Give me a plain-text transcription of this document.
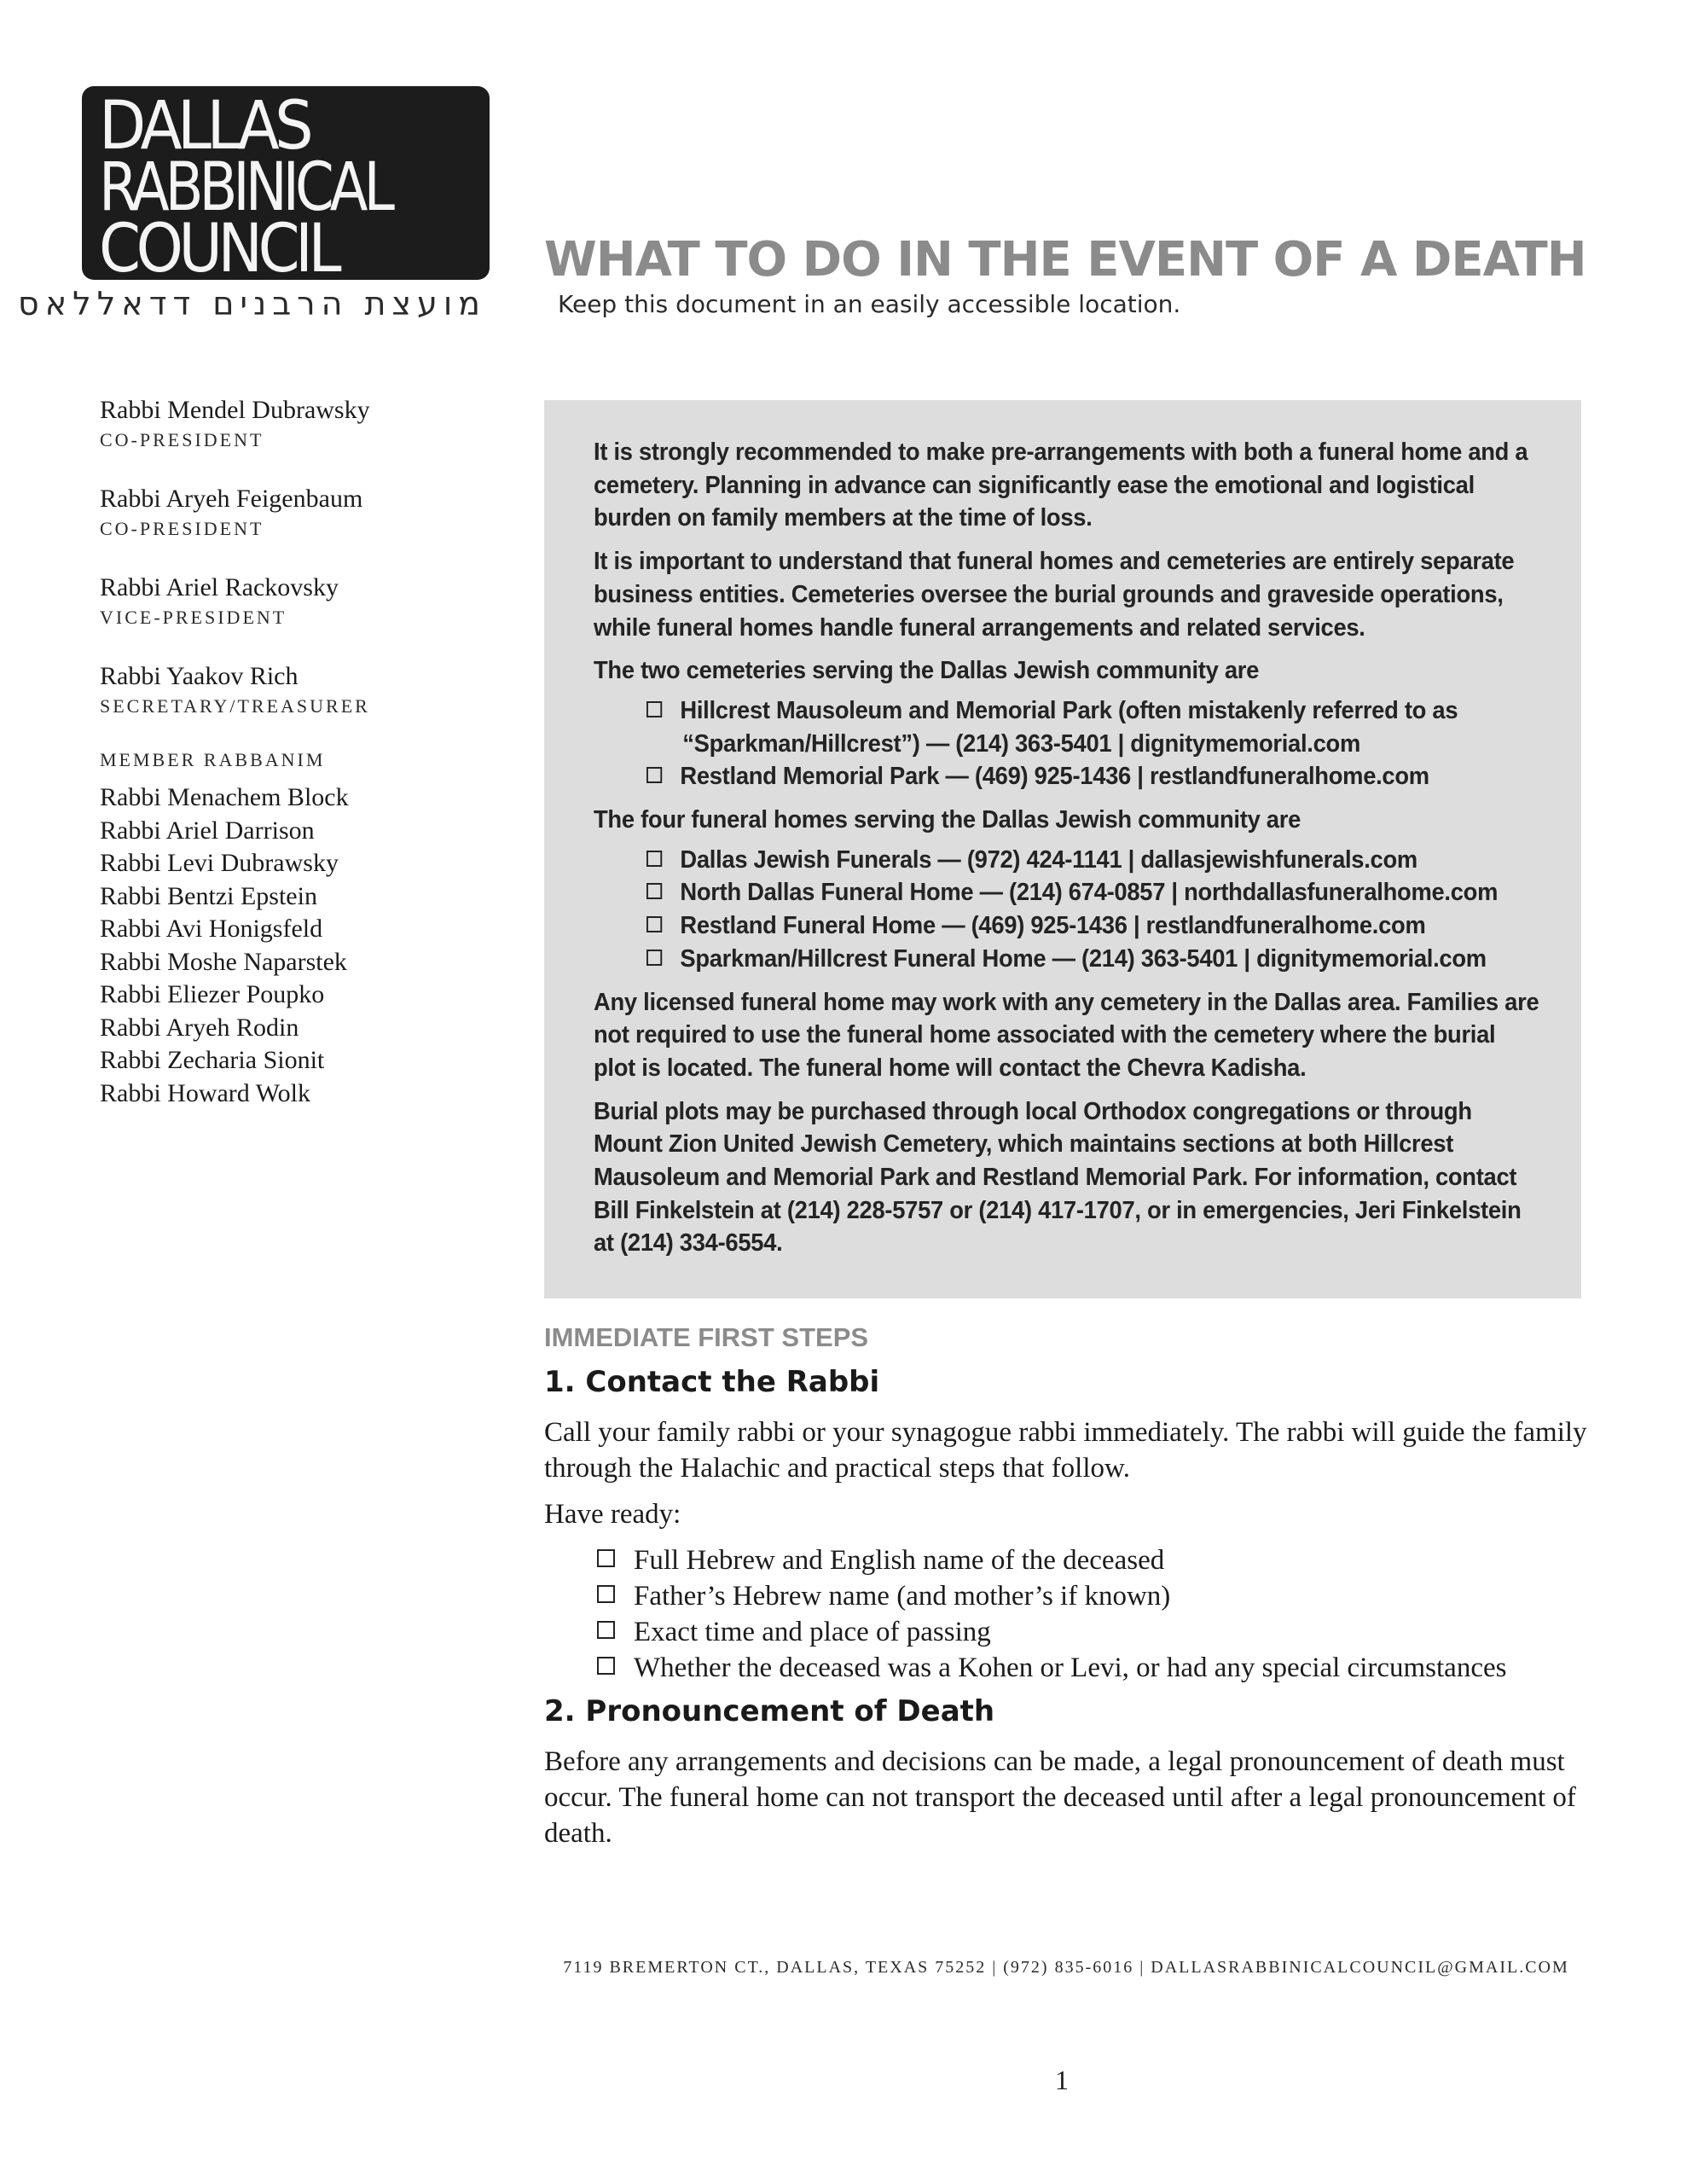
DALLAS
RABBINICAL
COUNCIL
מועצת הרבנים דדאללאס
WHAT TO DO IN THE EVENT OF A DEATH
Keep this document in an easily accessible location.
Rabbi Mendel Dubrawsky
CO-PRESIDENT
Rabbi Aryeh Feigenbaum
CO-PRESIDENT
Rabbi Ariel Rackovsky
VICE-PRESIDENT
Rabbi Yaakov Rich
SECRETARY/TREASURER
MEMBER RABBANIM
Rabbi Menachem Block
Rabbi Ariel Darrison
Rabbi Levi Dubrawsky
Rabbi Bentzi Epstein
Rabbi Avi Honigsfeld
Rabbi Moshe Naparstek
Rabbi Eliezer Poupko
Rabbi Aryeh Rodin
Rabbi Zecharia Sionit
Rabbi Howard Wolk

It is strongly recommended to make pre-arrangements with both a funeral home and a cemetery. Planning in advance can significantly ease the emotional and logistical burden on family members at the time of loss.

It is important to understand that funeral homes and cemeteries are entirely separate business entities. Cemeteries oversee the burial grounds and graveside operations, while funeral homes handle funeral arrangements and related services.

The two cemeteries serving the Dallas Jewish community are

Hillcrest Mausoleum and Memorial Park (often mistakenly referred to as
“Sparkman/Hillcrest”) — (214) 363-5401 | dignitymemorial.com
Restland Memorial Park — (469) 925-1436 | restlandfuneralhome.com

The four funeral homes serving the Dallas Jewish community are

Dallas Jewish Funerals — (972) 424-1141 | dallasjewishfunerals.com
North Dallas Funeral Home — (214) 674-0857 | northdallasfuneralhome.com
Restland Funeral Home — (469) 925-1436 | restlandfuneralhome.com
Sparkman/Hillcrest Funeral Home — (214) 363-5401 | dignitymemorial.com

Any licensed funeral home may work with any cemetery in the Dallas area. Families are not required to use the funeral home associated with the cemetery where the burial plot is located. The funeral home will contact the Chevra Kadisha.

Burial plots may be purchased through local Orthodox congregations or through Mount Zion United Jewish Cemetery, which maintains sections at both Hillcrest Mausoleum and Memorial Park and Restland Memorial Park. For information, contact Bill Finkelstein at (214) 228-5757 or (214) 417-1707, or in emergencies, Jeri Finkelstein at (214) 334-6554.

IMMEDIATE FIRST STEPS
1. Contact the Rabbi

Call your family rabbi or your synagogue rabbi immediately. The rabbi will guide the family through the Halachic and practical steps that follow.

Have ready:

Full Hebrew and English name of the deceased
Father’s Hebrew name (and mother’s if known)
Exact time and place of passing
Whether the deceased was a Kohen or Levi, or had any special circumstances
2. Pronouncement of Death

Before any arrangements and decisions can be made, a legal pronouncement of death must occur. The funeral home can not transport the deceased until after a legal pronouncement of death.

7119 BREMERTON CT., DALLAS, TEXAS 75252 | (972) 835-6016 | DALLASRABBINICALCOUNCIL@GMAIL.COM
1
